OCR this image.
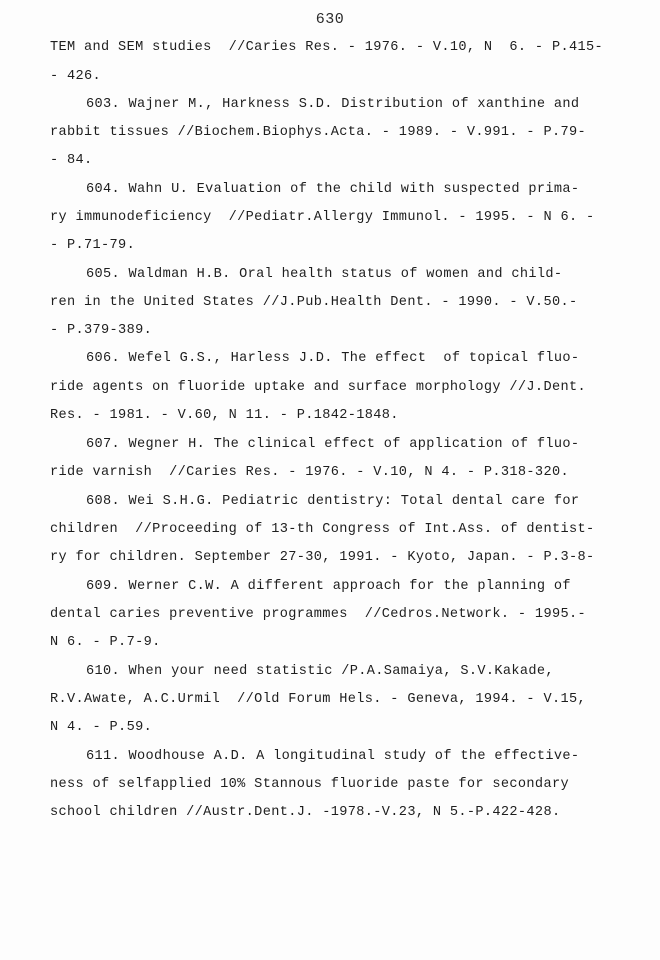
630
TEM and SEM studies  //Caries Res. - 1976. - V.10, N  6. - P.415-
- 426.
603. Wajner M., Harkness S.D. Distribution of xanthine and
rabbit tissues //Biochem.Biophys.Acta. - 1989. - V.991. - P.79-
- 84.
604. Wahn U. Evaluation of the child with suspected prima-
ry immunodeficiency  //Pediatr.Allergy Immunol. - 1995. - N 6. -
- P.71-79.
605. Waldman H.B. Oral health status of women and child-
ren in the United States //J.Pub.Health Dent. - 1990. - V.50.-
- P.379-389.
606. Wefel G.S., Harless J.D. The effect  of topical fluo-
ride agents on fluoride uptake and surface morphology //J.Dent.
Res. - 1981. - V.60, N 11. - P.1842-1848.
607. Wegner H. The clinical effect of application of fluo-
ride varnish  //Caries Res. - 1976. - V.10, N 4. - P.318-320.
608. Wei S.H.G. Pediatric dentistry: Total dental care for
children  //Proceeding of 13-th Congress of Int.Ass. of dentist-
ry for children. September 27-30, 1991. - Kyoto, Japan. - P.3-8-
609. Werner C.W. A different approach for the planning of
dental caries preventive programmes  //Cedros.Network. - 1995.-
N 6. - P.7-9.
610. When your need statistic /P.A.Samaiya, S.V.Kakade,
R.V.Awate, A.C.Urmil  //Old Forum Hels. - Geneva, 1994. - V.15,
N 4. - P.59.
611. Woodhouse A.D. A longitudinal study of the effective-
ness of selfapplied 10% Stannous fluoride paste for secondary
school children //Austr.Dent.J. -1978.-V.23, N 5.-P.422-428.
